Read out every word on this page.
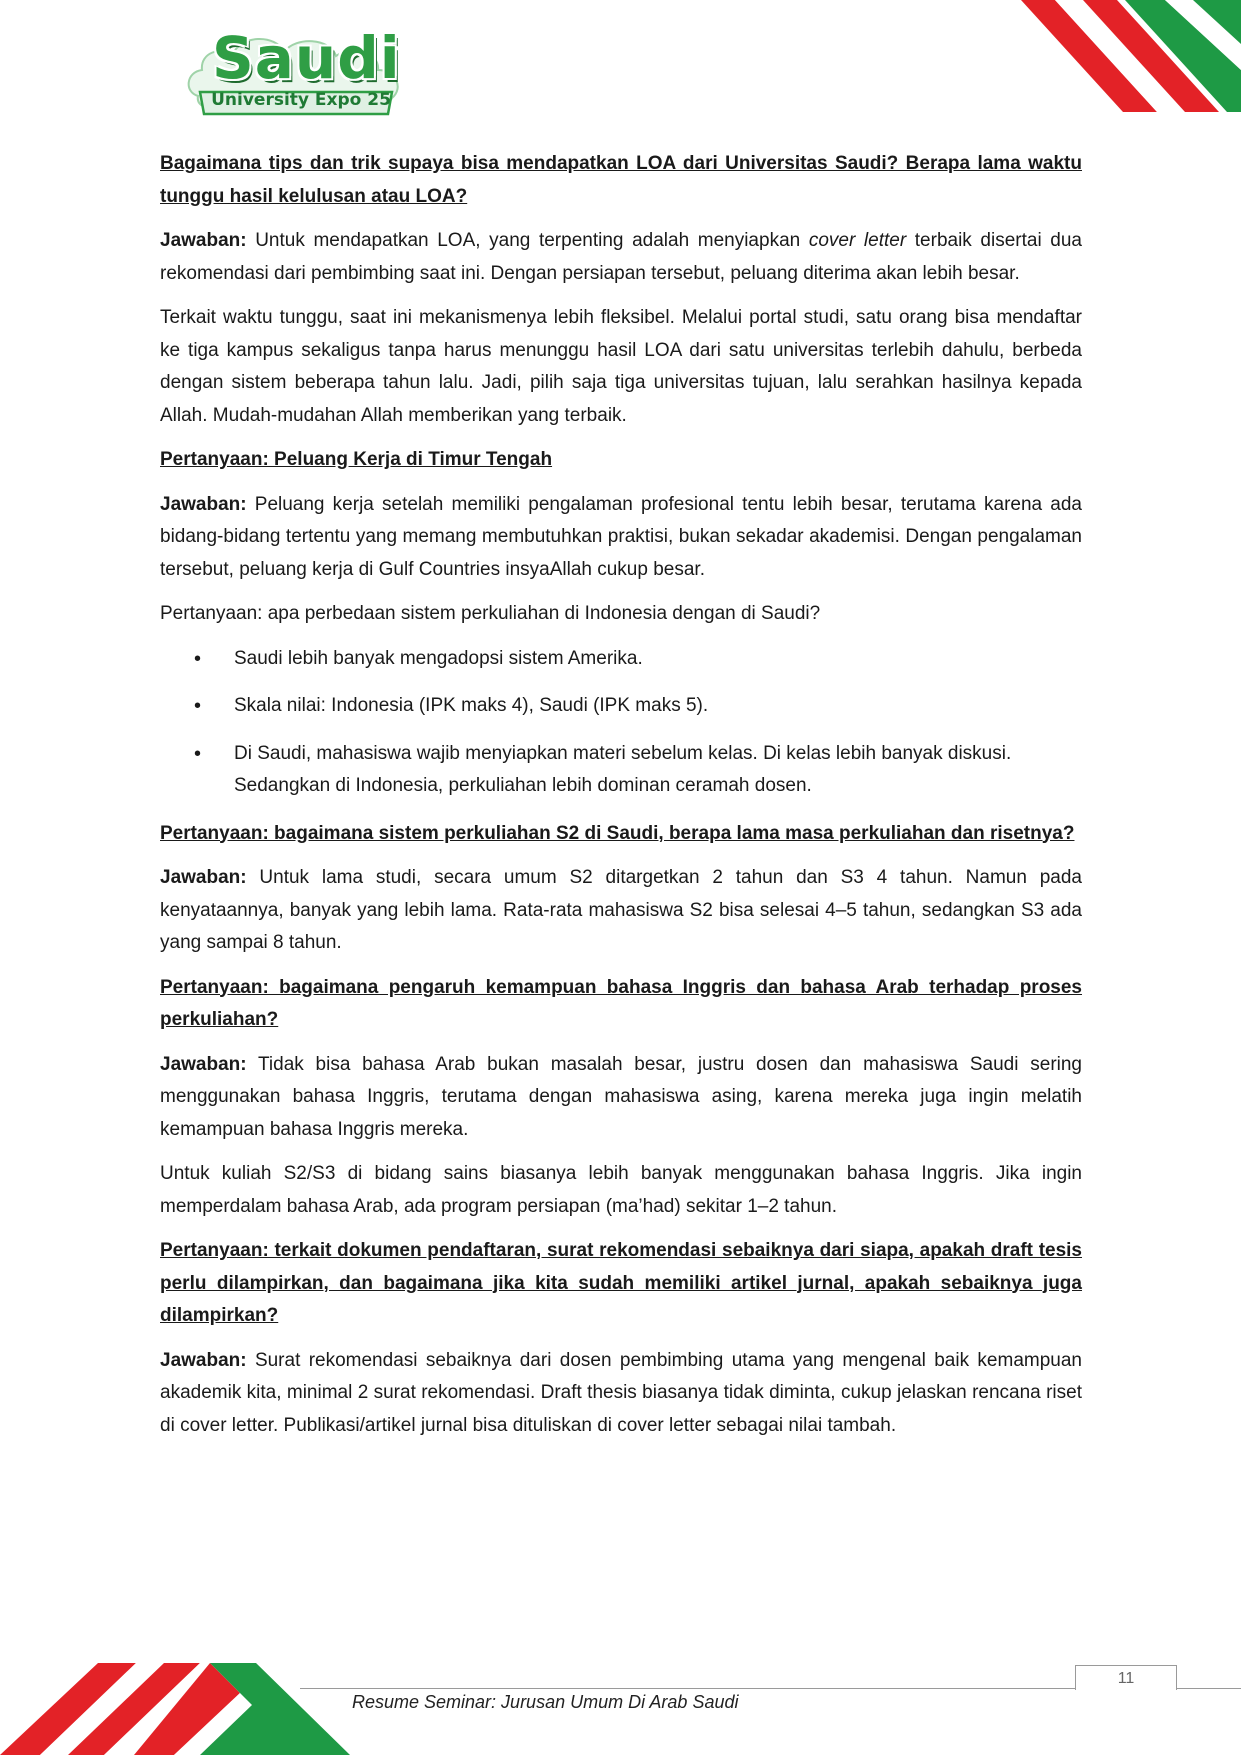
Saudi
University Expo 25

Bagaimana tips dan trik supaya bisa mendapatkan LOA dari Universitas Saudi? Berapa lama waktu tunggu hasil kelulusan atau LOA?

Jawaban: Untuk mendapatkan LOA, yang terpenting adalah menyiapkan cover letter terbaik disertai dua rekomendasi dari pembimbing saat ini. Dengan persiapan tersebut, peluang diterima akan lebih besar.

Terkait waktu tunggu, saat ini mekanismenya lebih fleksibel. Melalui portal studi, satu orang bisa mendaftar ke tiga kampus sekaligus tanpa harus menunggu hasil LOA dari satu universitas terlebih dahulu, berbeda dengan sistem beberapa tahun lalu. Jadi, pilih saja tiga universitas tujuan, lalu serahkan hasilnya kepada Allah. Mudah-mudahan Allah memberikan yang terbaik.

Pertanyaan: Peluang Kerja di Timur Tengah

Jawaban: Peluang kerja setelah memiliki pengalaman profesional tentu lebih besar, terutama karena ada bidang-bidang tertentu yang memang membutuhkan praktisi, bukan sekadar akademisi. Dengan pengalaman tersebut, peluang kerja di Gulf Countries insyaAllah cukup besar.

Pertanyaan: apa perbedaan sistem perkuliahan di Indonesia dengan di Saudi?

• Saudi lebih banyak mengadopsi sistem Amerika.
• Skala nilai: Indonesia (IPK maks 4), Saudi (IPK maks 5).
• Di Saudi, mahasiswa wajib menyiapkan materi sebelum kelas. Di kelas lebih banyak diskusi. Sedangkan di Indonesia, perkuliahan lebih dominan ceramah dosen.

Pertanyaan: bagaimana sistem perkuliahan S2 di Saudi, berapa lama masa perkuliahan dan risetnya?

Jawaban: Untuk lama studi, secara umum S2 ditargetkan 2 tahun dan S3 4 tahun. Namun pada kenyataannya, banyak yang lebih lama. Rata-rata mahasiswa S2 bisa selesai 4–5 tahun, sedangkan S3 ada yang sampai 8 tahun.

Pertanyaan: bagaimana pengaruh kemampuan bahasa Inggris dan bahasa Arab terhadap proses perkuliahan?

Jawaban: Tidak bisa bahasa Arab bukan masalah besar, justru dosen dan mahasiswa Saudi sering menggunakan bahasa Inggris, terutama dengan mahasiswa asing, karena mereka juga ingin melatih kemampuan bahasa Inggris mereka.

Untuk kuliah S2/S3 di bidang sains biasanya lebih banyak menggunakan bahasa Inggris. Jika ingin memperdalam bahasa Arab, ada program persiapan (ma’had) sekitar 1–2 tahun.

Pertanyaan: terkait dokumen pendaftaran, surat rekomendasi sebaiknya dari siapa, apakah draft tesis perlu dilampirkan, dan bagaimana jika kita sudah memiliki artikel jurnal, apakah sebaiknya juga dilampirkan?

Jawaban: Surat rekomendasi sebaiknya dari dosen pembimbing utama yang mengenal baik kemampuan akademik kita, minimal 2 surat rekomendasi. Draft thesis biasanya tidak diminta, cukup jelaskan rencana riset di cover letter. Publikasi/artikel jurnal bisa dituliskan di cover letter sebagai nilai tambah.

11
Resume Seminar: Jurusan Umum Di Arab Saudi
